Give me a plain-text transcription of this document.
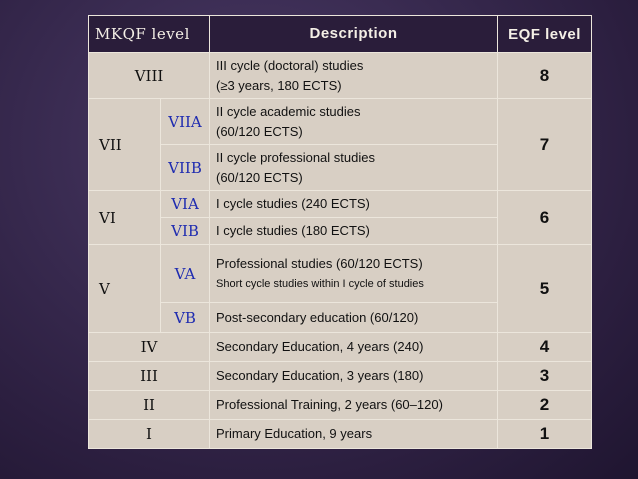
MKQF level		Description	EQF level
VIII		III cycle (doctoral) studies
(≥3 years, 180 ECTS)	8
VII	VIIA	II cycle academic studies
(60/120 ECTS)	7
	VIIB	II cycle professional studies
(60/120 ECTS)	

VI	VIA	I cycle studies (240 ECTS)	6
	VIB	I cycle studies (180 ECTS)	
V	VA	Professional studies (60/120 ECTS)
Short cycle studies within I cycle of studies	5
	VB	Post-secondary education (60/120)	
IV		Secondary Education, 4 years (240)	4
III		Secondary Education, 3 years (180)	3
II		Professional Training, 2 years (60–120)	2
I		Primary Education, 9 years	1
